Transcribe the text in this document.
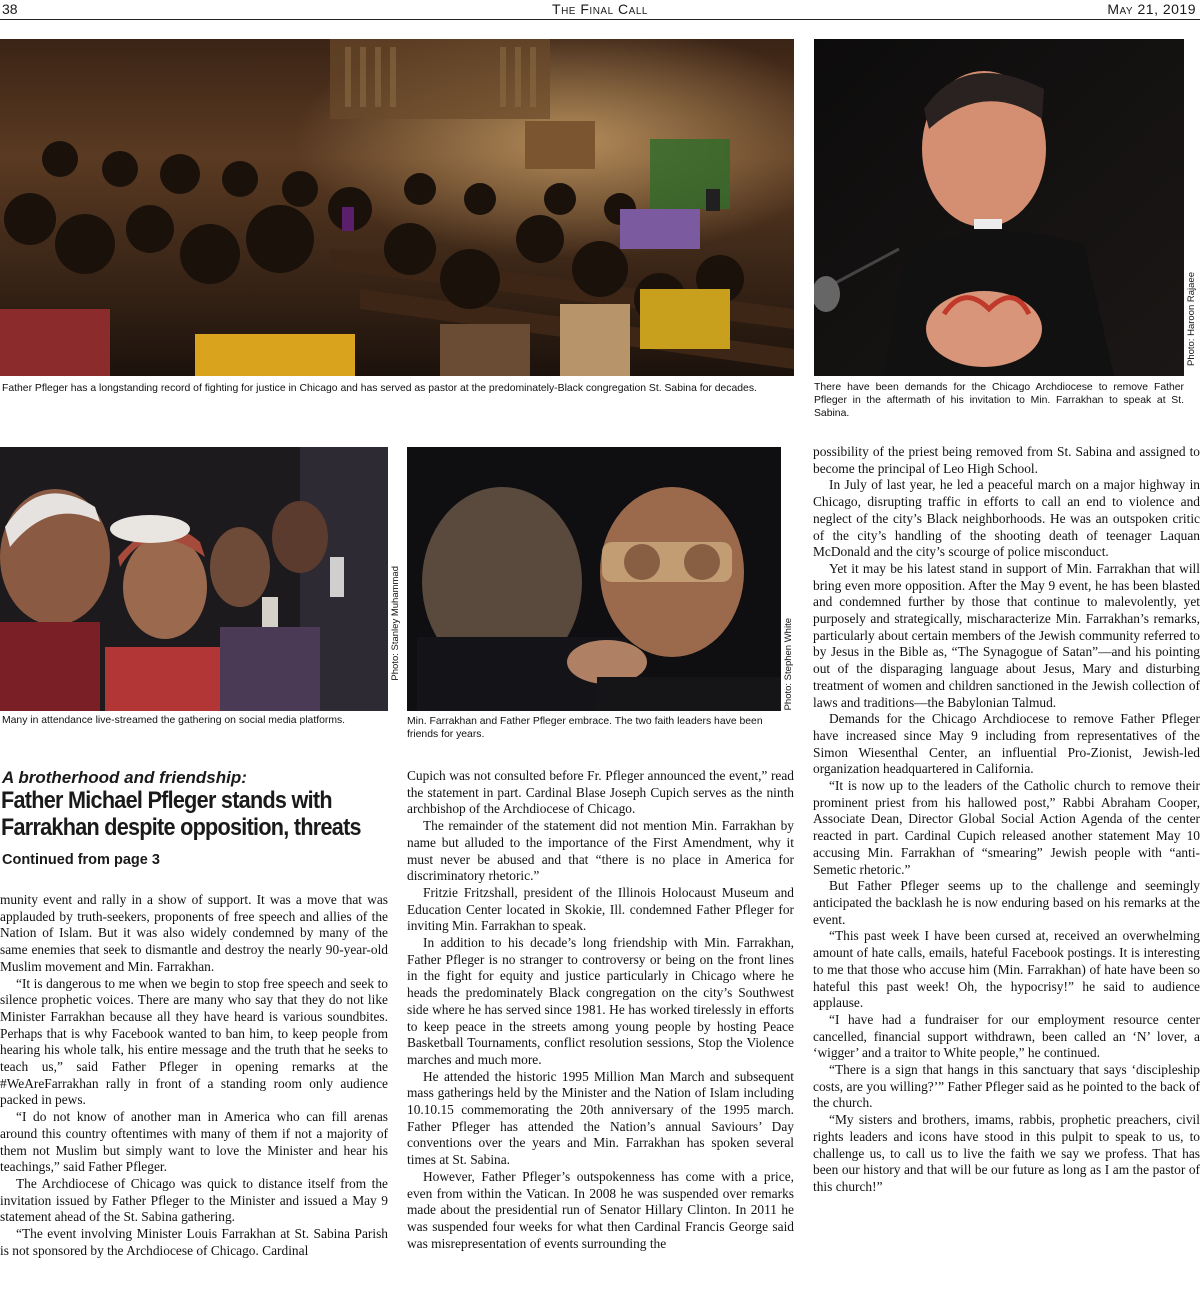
38	The Final Call	May 21, 2019
Father Pfleger has a longstanding record of fighting for justice in Chicago and has served as pastor at the predominately-Black congregation St. Sabina for decades.
Photo: Haroon Rajaee
There have been demands for the Chicago Archdiocese to remove Father Pfleger in the aftermath of his invitation to Min. Farrakhan to speak at St. Sabina.
Photo: Stanley Muhammad
Many in attendance live-streamed the gathering on social media platforms.
Photo: Stephen White
Min. Farrakhan and Father Pfleger embrace. The two faith leaders have been friends for years.
A brotherhood and friendship:
Father Michael Pfleger stands with Farrakhan despite opposition, threats
Continued from page 3

munity event and rally in a show of support. It was a move that was applauded by truth-seekers, proponents of free speech and allies of the Nation of Islam. But it was also widely condemned by many of the same enemies that seek to dismantle and destroy the nearly 90-year-old Muslim movement and Min. Farrakhan.

“It is dangerous to me when we begin to stop free speech and seek to silence prophetic voices. There are many who say that they do not like Minister Farrakhan because all they have heard is various soundbites. Perhaps that is why Facebook wanted to ban him, to keep people from hearing his whole talk, his entire message and the truth that he seeks to teach us,” said Father Pfleger in opening remarks at the #WeAreFarrakhan rally in front of a standing room only audience packed in pews.

“I do not know of another man in America who can fill arenas around this country oftentimes with many of them if not a majority of them not Muslim but simply want to love the Minister and hear his teachings,” said Father Pfleger.

The Archdiocese of Chicago was quick to distance itself from the invitation issued by Father Pfleger to the Minister and issued a May 9 statement ahead of the St. Sabina gathering.

“The event involving Minister Louis Farrakhan at St. Sabina Parish is not sponsored by the Archdiocese of Chicago. Cardinal

Cupich was not consulted before Fr. Pfleger announced the event,” read the statement in part. Cardinal Blase Joseph Cupich serves as the ninth archbishop of the Archdiocese of Chicago.

The remainder of the statement did not mention Min. Farrakhan by name but alluded to the importance of the First Amendment, why it must never be abused and that “there is no place in America for discriminatory rhetoric.”

Fritzie Fritzshall, president of the Illinois Holocaust Museum and Education Center located in Skokie, Ill. condemned Father Pfleger for inviting Min. Farrakhan to speak.

In addition to his decade’s long friendship with Min. Farrakhan, Father Pfleger is no stranger to controversy or being on the front lines in the fight for equity and justice particularly in Chicago where he heads the predominately Black congregation on the city’s Southwest side where he has served since 1981. He has worked tirelessly in efforts to keep peace in the streets among young people by hosting Peace Basketball Tournaments, conflict resolution sessions, Stop the Violence marches and much more.

He attended the historic 1995 Million Man March and subsequent mass gatherings held by the Minister and the Nation of Islam including 10.10.15 commemorating the 20th anniversary of the 1995 march. Father Pfleger has attended the Nation’s annual Saviours’ Day conventions over the years and Min. Farrakhan has spoken several times at St. Sabina.

However, Father Pfleger’s outspokenness has come with a price, even from within the Vatican. In 2008 he was suspended over remarks made about the presidential run of Senator Hillary Clinton. In 2011 he was suspended four weeks for what then Cardinal Francis George said was misrepresentation of events surrounding the

possibility of the priest being removed from St. Sabina and assigned to become the principal of Leo High School.

In July of last year, he led a peaceful march on a major highway in Chicago, disrupting traffic in efforts to call an end to violence and neglect of the city’s Black neighborhoods. He was an outspoken critic of the city’s handling of the shooting death of teenager Laquan McDonald and the city’s scourge of police misconduct.

Yet it may be his latest stand in support of Min. Farrakhan that will bring even more opposition. After the May 9 event, he has been blasted and condemned further by those that continue to malevolently, yet purposely and strategically, mischaracterize Min. Farrakhan’s remarks, particularly about certain members of the Jewish community referred to by Jesus in the Bible as, “The Synagogue of Satan”—and his pointing out of the disparaging language about Jesus, Mary and disturbing treatment of women and children sanctioned in the Jewish collection of laws and traditions—the Babylonian Talmud.

Demands for the Chicago Archdiocese to remove Father Pfleger have increased since May 9 including from representatives of the Simon Wiesenthal Center, an influential Pro-Zionist, Jewish-led organization headquartered in California.

“It is now up to the leaders of the Catholic church to remove their prominent priest from his hallowed post,” Rabbi Abraham Cooper, Associate Dean, Director Global Social Action Agenda of the center reacted in part. Cardinal Cupich released another statement May 10 accusing Min. Farrakhan of “smearing” Jewish people with “anti-Semetic rhetoric.”

But Father Pfleger seems up to the challenge and seemingly anticipated the backlash he is now enduring based on his remarks at the event.

“This past week I have been cursed at, received an overwhelming amount of hate calls, emails, hateful Facebook postings. It is interesting to me that those who accuse him (Min. Farrakhan) of hate have been so hateful this past week! Oh, the hypocrisy!” he said to audience applause.

“I have had a fundraiser for our employment resource center cancelled, financial support withdrawn, been called an ‘N’ lover, a ‘wigger’ and a traitor to White people,” he continued.

“There is a sign that hangs in this sanctuary that says ‘discipleship costs, are you willing?’” Father Pfleger said as he pointed to the back of the church.

“My sisters and brothers, imams, rabbis, prophetic preachers, civil rights leaders and icons have stood in this pulpit to speak to us, to challenge us, to call us to live the faith we say we profess. That has been our history and that will be our future as long as I am the pastor of this church!”
